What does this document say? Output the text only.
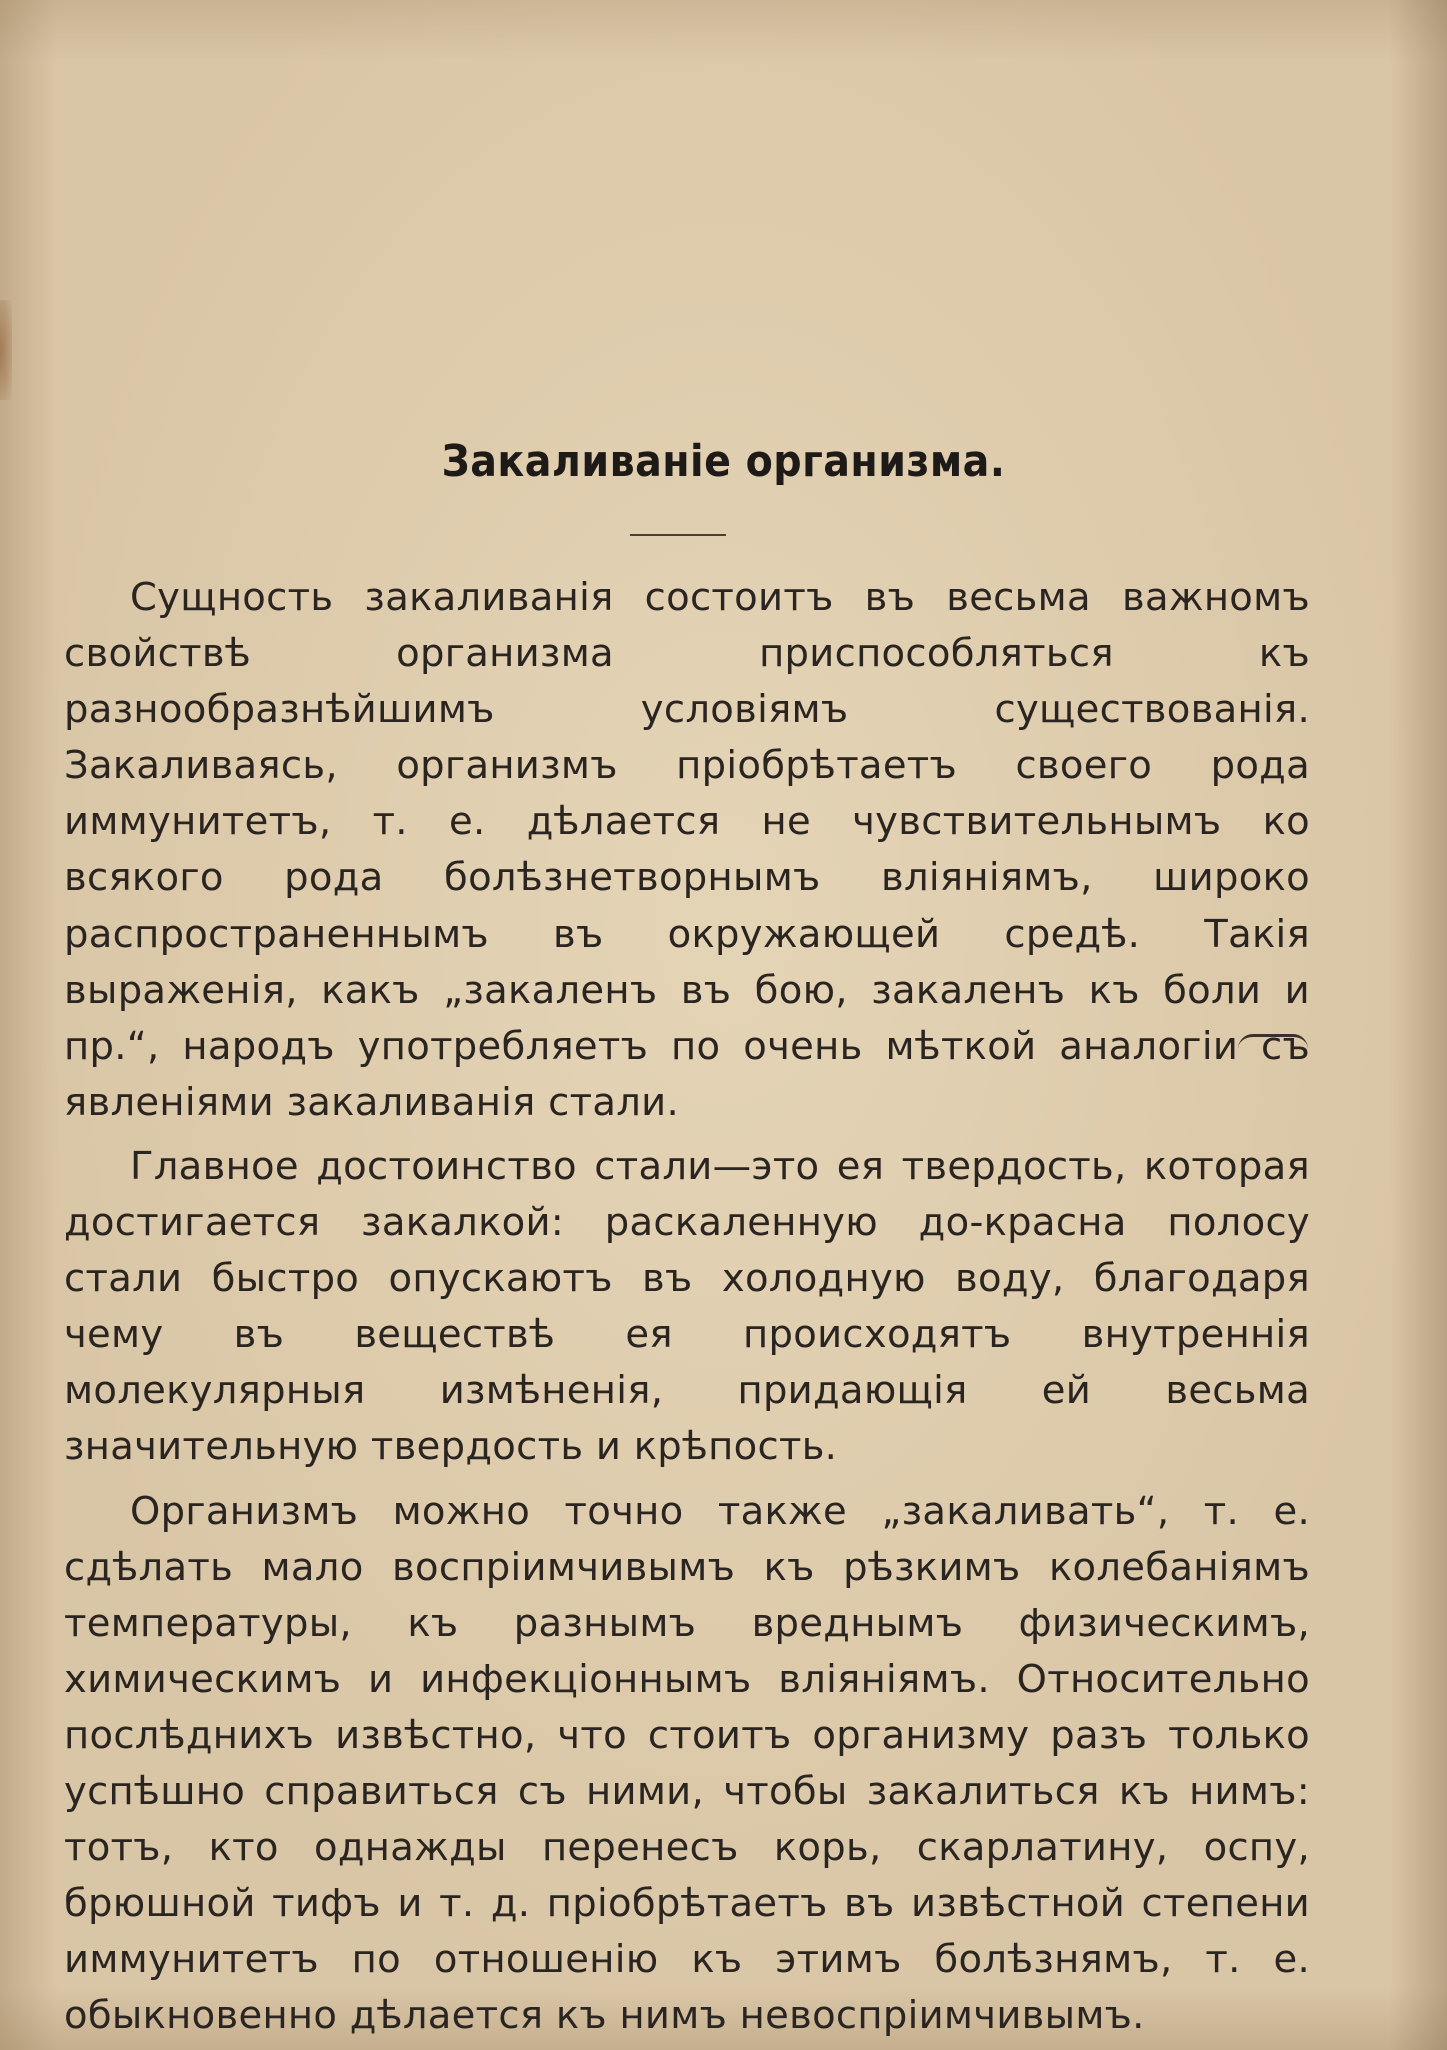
Закаливаніе организма.

Сущность закаливанія состоитъ въ весьма важномъ свойствѣ организма приспособляться къ разнообразнѣйшимъ условіямъ существованія. Закаливаясь, организмъ пріобрѣтаетъ своего рода иммунитетъ, т. е. дѣлается не чувствительнымъ ко всякого рода болѣзнетворнымъ вліяніямъ, широко распространеннымъ въ окружающей средѣ. Такія выраженія, какъ „закаленъ въ бою, закаленъ къ боли и пр.“, народъ употребляетъ по очень мѣткой аналогіи съ явленіями закаливанія стали.

Главное достоинство стали—это ея твердость, которая достигается закалкой: раскаленную до-красна полосу стали быстро опускаютъ въ холодную воду, благодаря чему въ веществѣ ея происходятъ внутреннія молекулярныя измѣненія, придающія ей весьма значительную твердость и крѣпость.

Организмъ можно точно также „закаливать“, т. е. сдѣлать мало воспріимчивымъ къ рѣзкимъ колебаніямъ температуры, къ разнымъ вреднымъ физическимъ, химическимъ и инфекціоннымъ вліяніямъ. Относительно послѣднихъ извѣстно, что стоитъ организму разъ только успѣшно справиться съ ними, чтобы закалиться къ нимъ: тотъ, кто однажды перенесъ корь, скарлатину, оспу, брюшной тифъ и т. д. пріобрѣтаетъ въ извѣстной степени иммунитетъ по отношенію къ этимъ болѣзнямъ, т. е. обыкновенно дѣлается къ нимъ невоспріимчивымъ.
